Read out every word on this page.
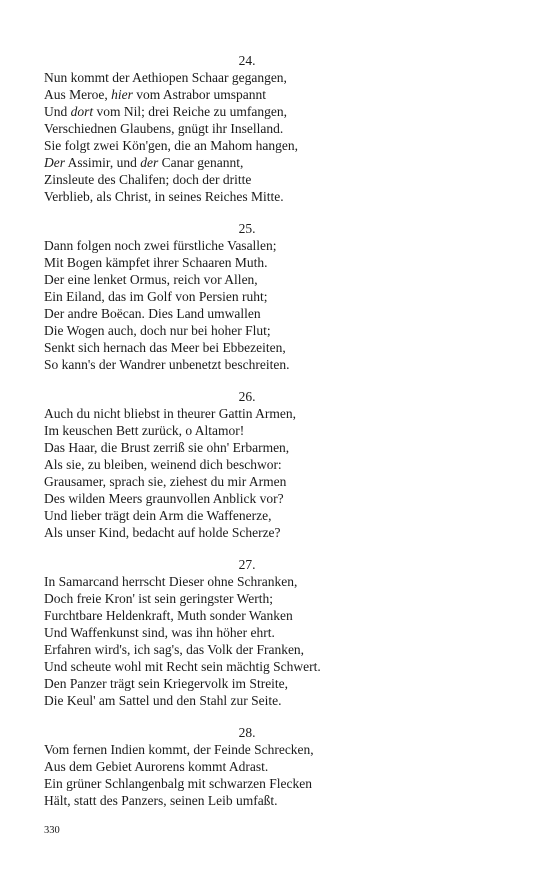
24.
Nun kommt der Aethiopen Schaar gegangen,
Aus Meroe, hier vom Astrabor umspannt
Und dort vom Nil; drei Reiche zu umfangen,
Verschiednen Glaubens, gnügt ihr Inselland.
Sie folgt zwei Kön'gen, die an Mahom hangen,
Der Assimir, und der Canar genannt,
Zinsleute des Chalifen; doch der dritte
Verblieb, als Christ, in seines Reiches Mitte.
25.
Dann folgen noch zwei fürstliche Vasallen;
Mit Bogen kämpfet ihrer Schaaren Muth.
Der eine lenket Ormus, reich vor Allen,
Ein Eiland, das im Golf von Persien ruht;
Der andre Boëcan. Dies Land umwallen
Die Wogen auch, doch nur bei hoher Flut;
Senkt sich hernach das Meer bei Ebbezeiten,
So kann's der Wandrer unbenetzt beschreiten.
26.
Auch du nicht bliebst in theurer Gattin Armen,
Im keuschen Bett zurück, o Altamor!
Das Haar, die Brust zerriß sie ohn' Erbarmen,
Als sie, zu bleiben, weinend dich beschwor:
Grausamer, sprach sie, ziehest du mir Armen
Des wilden Meers graunvollen Anblick vor?
Und lieber trägt dein Arm die Waffenerze,
Als unser Kind, bedacht auf holde Scherze?
27.
In Samarcand herrscht Dieser ohne Schranken,
Doch freie Kron' ist sein geringster Werth;
Furchtbare Heldenkraft, Muth sonder Wanken
Und Waffenkunst sind, was ihn höher ehrt.
Erfahren wird's, ich sag's, das Volk der Franken,
Und scheute wohl mit Recht sein mächtig Schwert.
Den Panzer trägt sein Kriegervolk im Streite,
Die Keul' am Sattel und den Stahl zur Seite.
28.
Vom fernen Indien kommt, der Feinde Schrecken,
Aus dem Gebiet Aurorens kommt Adrast.
Ein grüner Schlangenbalg mit schwarzen Flecken
Hält, statt des Panzers, seinen Leib umfaßt.
330
